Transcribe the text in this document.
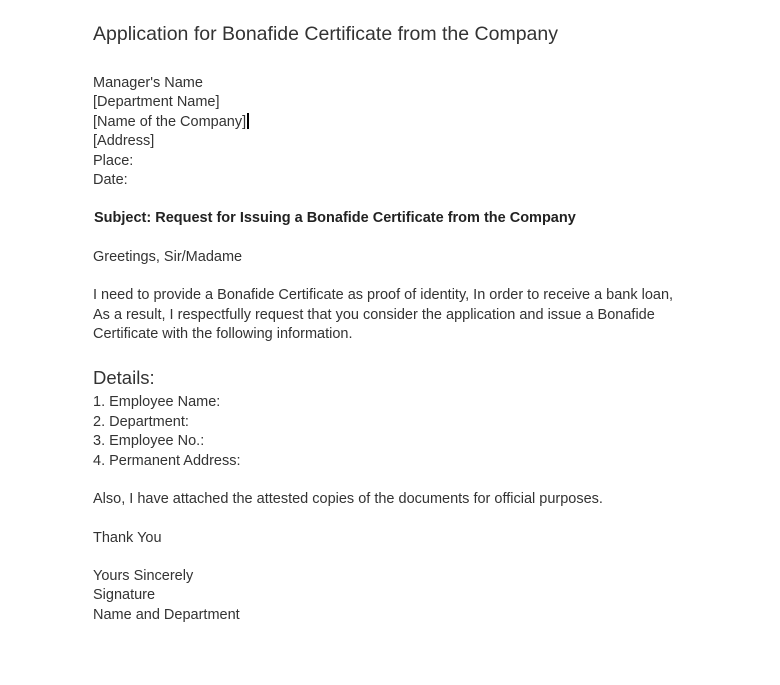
Application for Bonafide Certificate from the Company
Manager's Name
[Department Name]
[Name of the Company]
[Address]
Place:
Date:
Subject: Request for Issuing a Bonafide Certificate from the Company
Greetings, Sir/Madame
I need to provide a Bonafide Certificate as proof of identity, In order to receive a bank loan,
As a result, I respectfully request that you consider the application and issue a Bonafide
Certificate with the following information.
Details:
1. Employee Name:
2. Department:
3. Employee No.:
4. Permanent Address:
Also, I have attached the attested copies of the documents for official purposes.
Thank You
Yours Sincerely
Signature
Name and Department
